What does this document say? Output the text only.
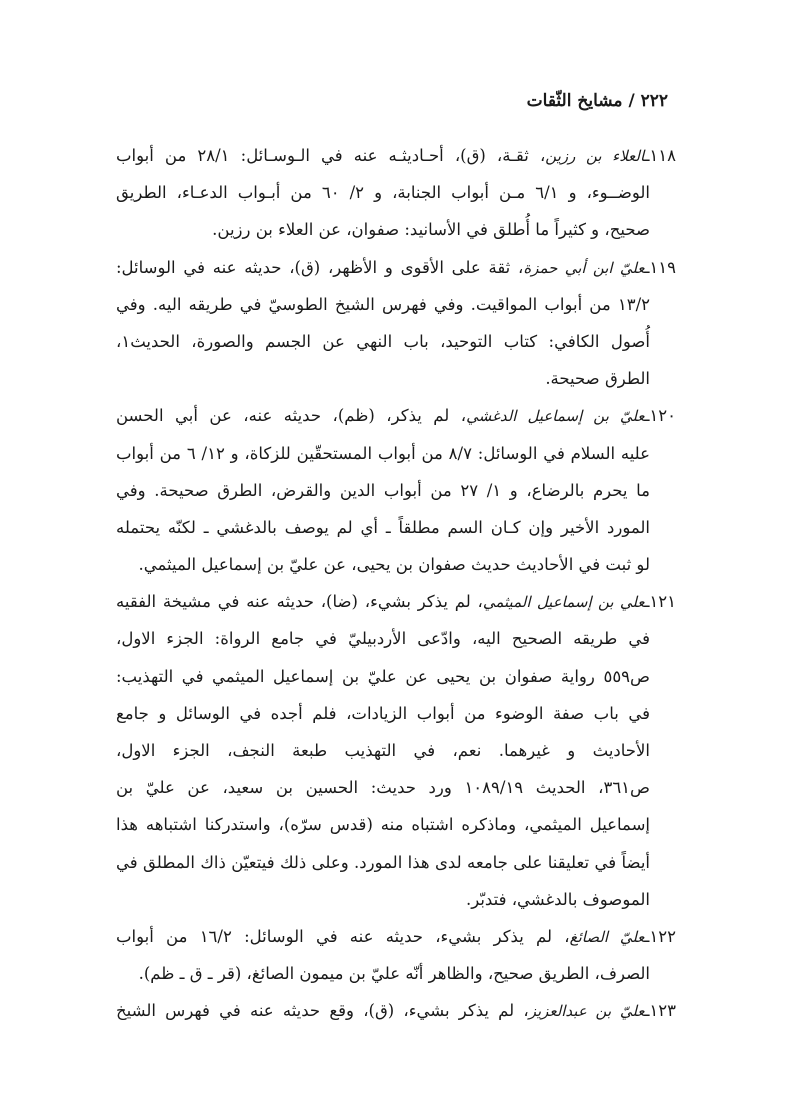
٢٢٢ / مشايخ الثّقات
١١٨ـالعلاء بن رزين، ثقـة، (ق)، أحـاديثـه عنه في الـوسـائل: ٢٨/١ من أبواب
الوضــوء، و ٦/١ مـن أبواب الجنابة، و ٢/ ٦٠ من أبـواب الدعـاء، الطريق
صحيح، و كثيراً ما أُطلق في الأسانيد: صفوان، عن العلاء بن رزين.
١١٩ـعليّ ابن أبي حمزة، ثقة على الأقوى و الأظهر، (ق)، حديثه عنه في الوسائل:
١٣/٢ من أبواب المواقيت. وفي فهرس الشيخ الطوسيّ في طريقه اليه. وفي
أُصول الكافي: كتاب التوحيد، باب النهي عن الجسم والصورة، الحديث١،
الطرق صحيحة.
١٢٠ـعليّ بن إسماعيل الدغشي، لم يذكر، (ظم)، حديثه عنه، عن أبي الحسن
عليه السلام في الوسائل: ٨/٧ من أبواب المستحقّين للزكاة، و ١٢/ ٦ من أبواب
ما يحرم بالرضاع، و ١/ ٢٧ من أبواب الدين والقرض، الطرق صحيحة. وفي
المورد الأخير وإن كـان السم مطلقاً ـ أي لم يوصف بالدغشي ـ لكنّه يحتمله
لو ثبت في الأحاديث حديث صفوان بن يحيى، عن عليّ بن إسماعيل الميثمي.
١٢١ـعلي بن إسماعيل الميثمي، لم يذكر بشيء، (ضا)، حديثه عنه في مشيخة الفقيه
في طريقه الصحيح اليه، وادّعى الأردبيليّ في جامع الرواة: الجزء الاول،
ص٥٥٩ رواية صفوان بن يحيى عن عليّ بن إسماعيل الميثمي في التهذيب:
في باب صفة الوضوء من أبواب الزيادات، فلم أجده في الوسائل و جامع
الأحاديث و غيرهما. نعم، في التهذيب طبعة النجف، الجزء الاول،
ص٣٦١، الحديث ١٠٨٩/١٩ ورد حديث: الحسين بن سعيد، عن عليّ بن
إسماعيل الميثمي، وماذكره اشتباه منه (قدس سرّه)، واستدركنا اشتباهه هذا
أيضاً في تعليقنا على جامعه لدى هذا المورد. وعلى ذلك فيتعيّن ذاك المطلق في
الموصوف بالدغشي، فتدبّر.
١٢٢ـعليّ الصائغ، لم يذكر بشيء، حديثه عنه في الوسائل: ١٦/٢ من أبواب
الصرف، الطريق صحيح، والظاهر أنّه عليّ بن ميمون الصائغ، (قر ـ ق ـ ظم).
١٢٣ـعليّ بن عبدالعزيز، لم يذكر بشيء، (ق)، وقع حديثه عنه في فهرس الشيخ
